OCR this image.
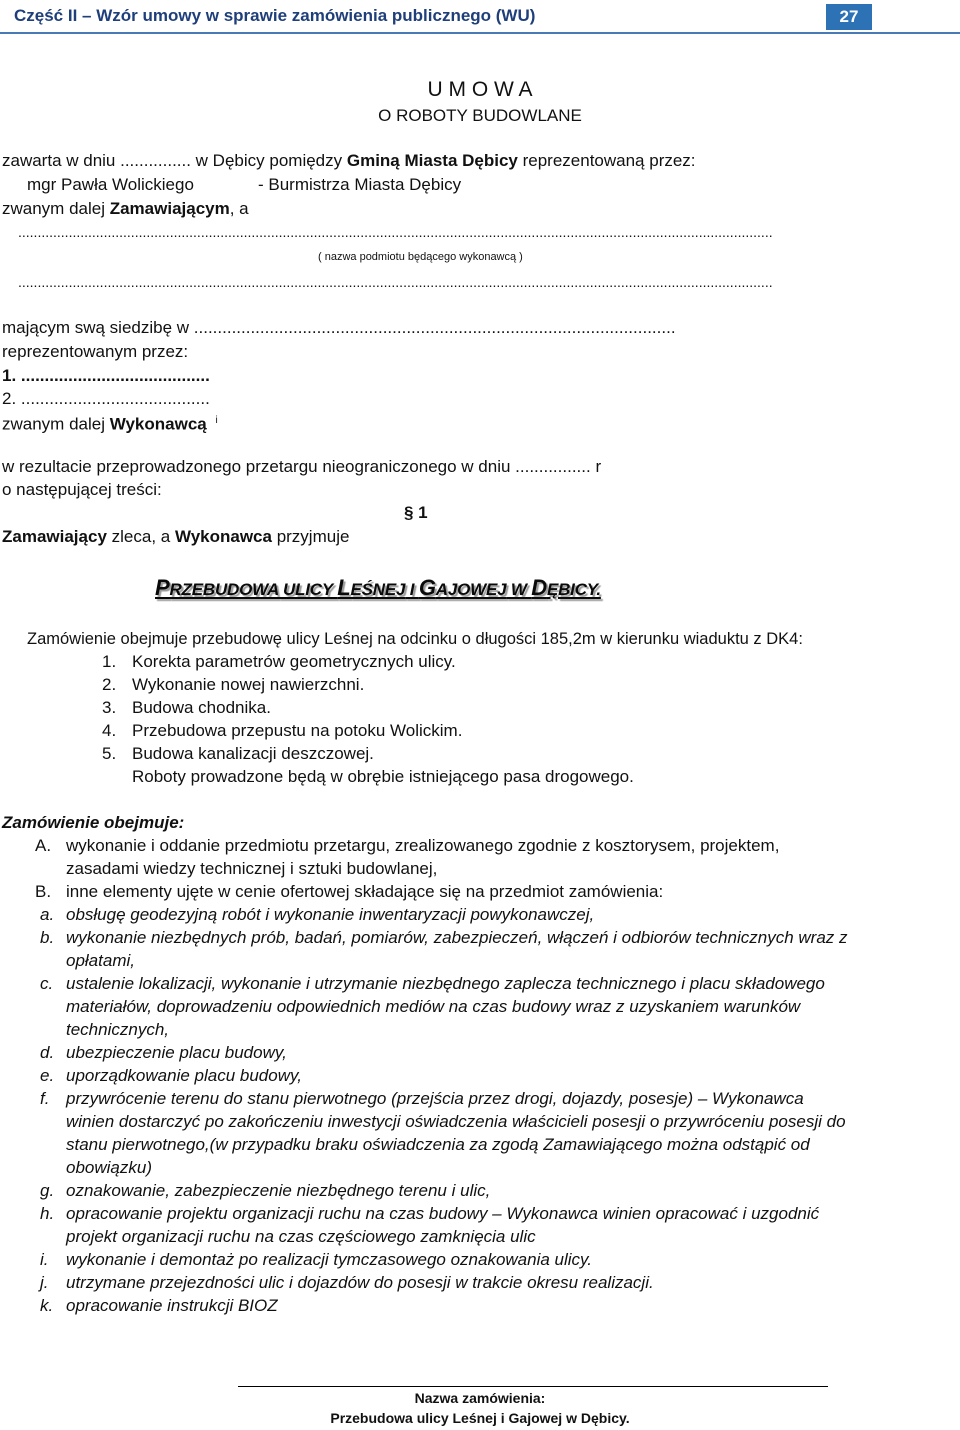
Część II – Wzór umowy w sprawie zamówienia publicznego (WU)	27
U M O W A
O ROBOTY BUDOWLANE
zawarta w dniu ............... w Dębicy pomiędzy Gminą Miasta Dębicy reprezentowaną przez:
mgr Pawła Wolickiego	- Burmistrza Miasta Dębicy
zwanym dalej Zamawiającym, a
..................................................................................................................................................................................................
( nazwa podmiotu będącego wykonawcą )
..................................................................................................................................................................................................
mającym swą siedzibę w ......................................................................................................
reprezentowanym przez:
1. ........................................
2. ........................................
zwanym dalej Wykonawcą $^i$
w rezultacie przeprowadzonego przetargu nieograniczonego w dniu ................ r
o następującej treści:
§ 1
Zamawiający zleca, a Wykonawca przyjmuje
PRZEBUDOWA ULICY LEŚNEJ I GAJOWEJ W DĘBICY.
Zamówienie obejmuje przebudowę ulicy Leśnej na odcinku o długości 185,2m w kierunku wiaduktu z DK4:
1. Korekta parametrów geometrycznych ulicy.
2. Wykonanie nowej nawierzchni.
3. Budowa chodnika.
4. Przebudowa przepustu na potoku Wolickim.
5. Budowa kanalizacji deszczowej.
Roboty prowadzone będą w obrębie istniejącego pasa drogowego.
Zamówienie obejmuje:
A. wykonanie i oddanie przedmiotu przetargu, zrealizowanego zgodnie z kosztorysem, projektem,
zasadami wiedzy technicznej i sztuki budowlanej,
B. inne elementy ujęte w cenie ofertowej składające się na przedmiot zamówienia:
a. obsługę geodezyjną robót i wykonanie inwentaryzacji powykonawczej,
b. wykonanie niezbędnych prób, badań, pomiarów, zabezpieczeń, włączeń i odbiorów technicznych wraz z
opłatami,
c. ustalenie lokalizacji, wykonanie i utrzymanie niezbędnego zaplecza technicznego i placu składowego
materiałów, doprowadzeniu odpowiednich mediów na czas budowy wraz z uzyskaniem warunków
technicznych,
d. ubezpieczenie placu budowy,
e. uporządkowanie placu budowy,
f. przywrócenie terenu do stanu pierwotnego (przejścia przez drogi, dojazdy, posesje) – Wykonawca
winien dostarczyć po zakończeniu inwestycji oświadczenia właścicieli posesji o przywróceniu posesji do
stanu pierwotnego,(w przypadku braku oświadczenia za zgodą Zamawiającego można odstąpić od
obowiązku)
g. oznakowanie, zabezpieczenie niezbędnego terenu i ulic,
h. opracowanie projektu organizacji ruchu na czas budowy – Wykonawca winien opracować i uzgodnić
projekt organizacji ruchu na czas częściowego zamknięcia ulic
i. wykonanie i demontaż po realizacji tymczasowego oznakowania ulicy.
j. utrzymane przejezdności ulic i dojazdów do posesji w trakcie okresu realizacji.
k. opracowanie instrukcji BIOZ
Nazwa zamówienia:
Przebudowa ulicy Leśnej i Gajowej w Dębicy.
